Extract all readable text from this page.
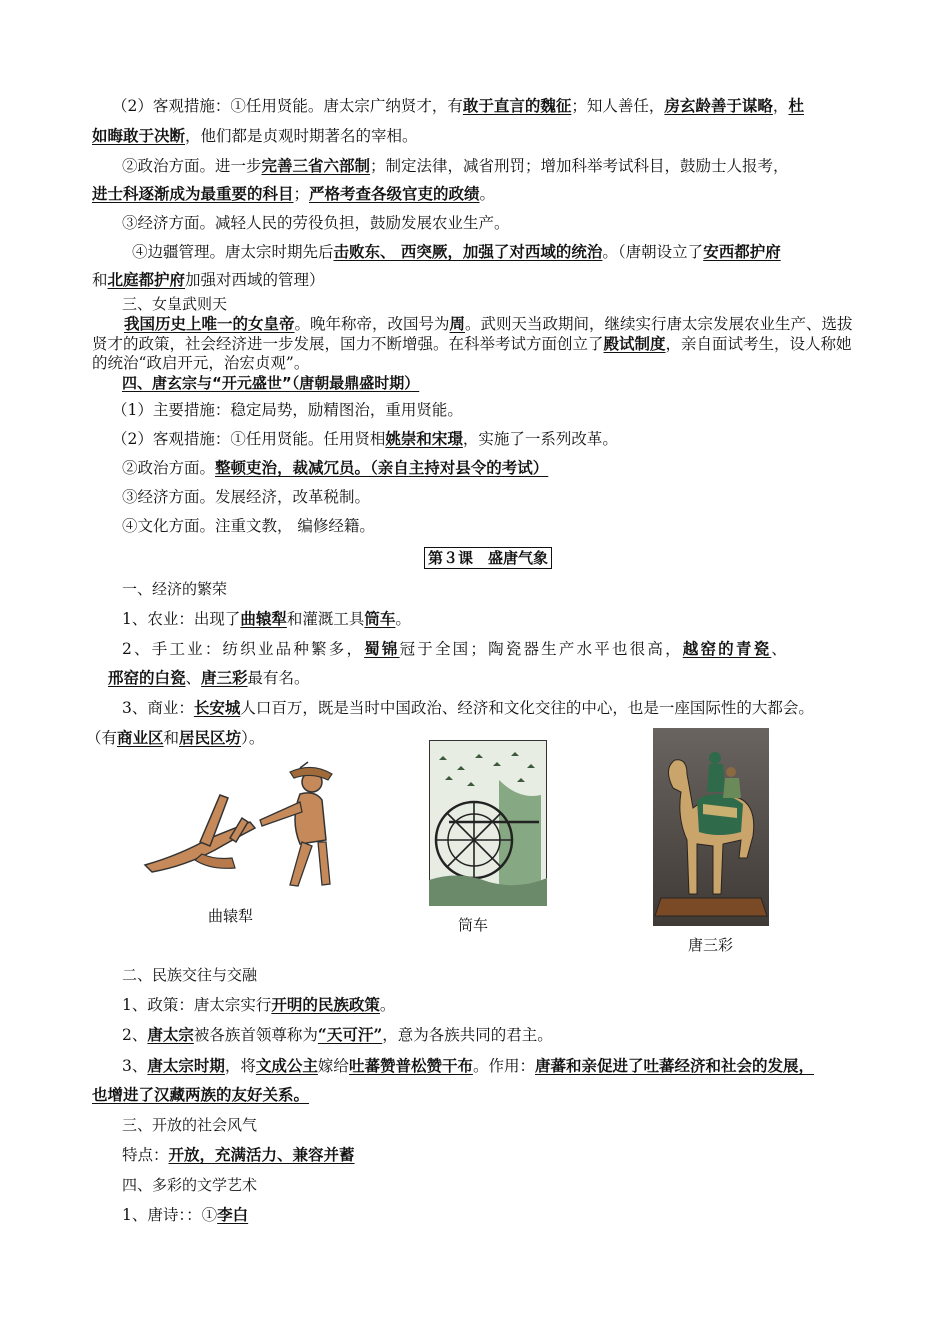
（2）客观措施：①任用贤能。唐太宗广纳贤才，有敢于直言的魏征；知人善任，房玄龄善于谋略，杜
如晦敢于决断，他们都是贞观时期著名的宰相。
②政治方面。进一步完善三省六部制；制定法律，减省刑罚；增加科举考试科目，鼓励士人报考，
进士科逐渐成为最重要的科目；严格考查各级官吏的政绩。
③经济方面。减轻人民的劳役负担，鼓励发展农业生产。
④边疆管理。唐太宗时期先后击败东、 西突厥，加强了对西域的统治。（唐朝设立了安西都护府
和北庭都护府加强对西域的管理）
三、女皇武则天
我国历史上唯一的女皇帝。晚年称帝，改国号为周。武则天当政期间，继续实行唐太宗发展农业生产、选拔贤才的政策，社会经济进一步发展，国力不断增强。在科举考试方面创立了殿试制度，亲自面试考生，设人称她的统治“政启开元，治宏贞观”。
四、唐玄宗与“开元盛世”（唐朝最鼎盛时期）
（1）主要措施：稳定局势，励精图治，重用贤能。
（2）客观措施：①任用贤能。任用贤相姚崇和宋璟，实施了一系列改革。
②政治方面。整顿吏治，裁减冗员。（亲自主持对县令的考试）
③经济方面。发展经济，改革税制。
④文化方面。注重文教， 编修经籍。
第３课　盛唐气象
一、经济的繁荣
1、农业：出现了曲辕犁和灌溉工具筒车。
2、手工业：纺织业品种繁多，蜀锦冠于全国；陶瓷器生产水平也很高，越窑的青瓷、
邢窑的白瓷、唐三彩最有名。
3、商业：长安城人口百万，既是当时中国政治、经济和文化交往的中心，也是一座国际性的大都会。
（有商业区和居民区坊）。
曲辕犁	筒车
唐三彩
二、民族交往与交融
1、政策：唐太宗实行开明的民族政策。
2、唐太宗被各族首领尊称为“天可汗”，意为各族共同的君主。
3、唐太宗时期，将文成公主嫁给吐蕃赞普松赞干布。作用：唐蕃和亲促进了吐蕃经济和社会的发展，
也增进了汉藏两族的友好关系。
三、开放的社会风气
特点：开放，充满活力、兼容并蓄
四、多彩的文学艺术
1、唐诗：：①李白
